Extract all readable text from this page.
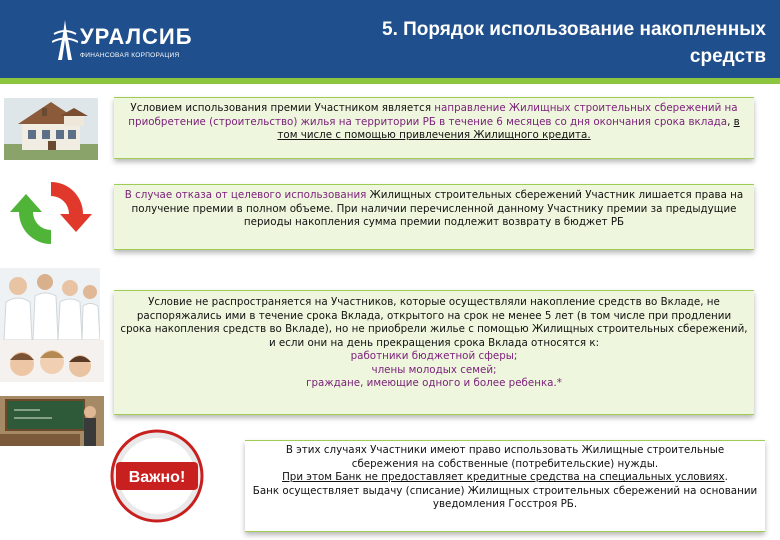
УРАЛСИБ
ФИНАНСОВАЯ КОРПОРАЦИЯ
5. Порядок использование накопленных
средств
Важно!
Условием использования премии Участником является направление Жилищных строительных сбережений на приобретение (строительство) жилья на территории РБ в течение 6 месяцев со дня окончания срока вклада, в том числе с помощью привлечения Жилищного кредита.
В случае отказа от целевого использования Жилищных строительных сбережений Участник лишается права на получение премии в полном объеме. При наличии перечисленной данному Участнику премии за предыдущие периоды накопления сумма премии подлежит возврату в бюджет РБ
Условие не распространяется на Участников, которые осуществляли накопление средств во Вкладе, не распоряжались ими в течение срока Вклада, открытого на срок не менее 5 лет (в том числе при продлении срока накопления средств во Вкладе), но не приобрели жилье с помощью Жилищных строительных сбережений, и если они на день прекращения срока Вклада относятся к:
работники бюджетной сферы;
члены молодых семей;
граждане, имеющие одного и более ребенка.*
В этих случаях Участники имеют право использовать Жилищные строительные сбережения на собственные (потребительские) нужды.
При этом Банк не предоставляет кредитные средства на специальных условиях.
Банк осуществляет выдачу (списание) Жилищных строительных сбережений на основании уведомления Госстроя РБ.
